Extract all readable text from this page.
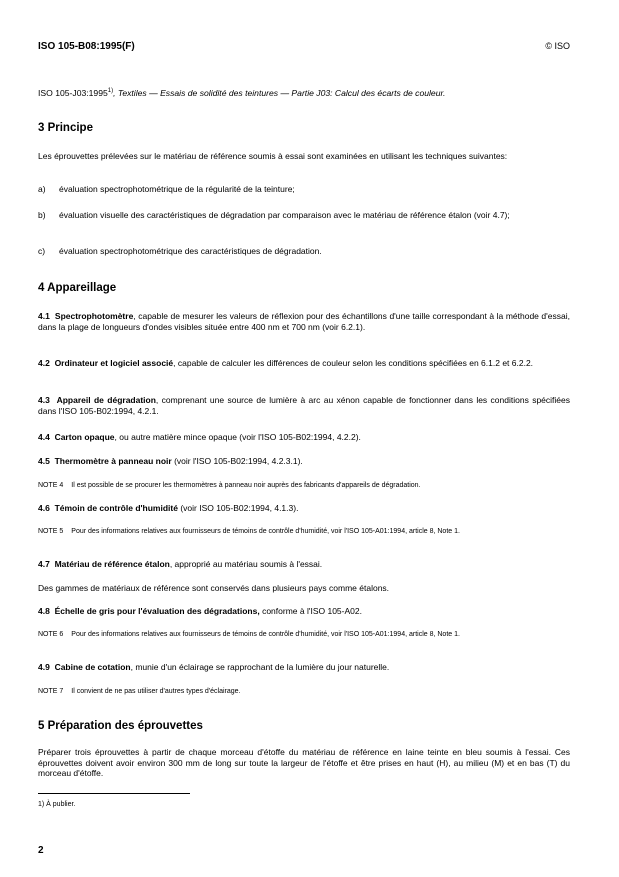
ISO 105-B08:1995(F)	© ISO
ISO 105-J03:1995$^{1)}$, Textiles — Essais de solidité des teintures — Partie J03: Calcul des écarts de couleur.
3 Principe
Les éprouvettes prélevées sur le matériau de référence soumis à essai sont examinées en utilisant les techniques suivantes:
a) évaluation spectrophotométrique de la régularité de la teinture;
b) évaluation visuelle des caractéristiques de dégradation par comparaison avec le matériau de référence étalon (voir 4.7);
c) évaluation spectrophotométrique des caractéristiques de dégradation.
4 Appareillage
4.1 Spectrophotomètre, capable de mesurer les valeurs de réflexion pour des échantillons d'une taille correspondant à la méthode d'essai, dans la plage de longueurs d'ondes visibles située entre 400 nm et 700 nm (voir 6.2.1).
4.2 Ordinateur et logiciel associé, capable de calculer les différences de couleur selon les conditions spécifiées en 6.1.2 et 6.2.2.
4.3 Appareil de dégradation, comprenant une source de lumière à arc au xénon capable de fonctionner dans les conditions spécifiées dans l'ISO 105-B02:1994, 4.2.1.
4.4 Carton opaque, ou autre matière mince opaque (voir l'ISO 105-B02:1994, 4.2.2).
4.5 Thermomètre à panneau noir (voir l'ISO 105-B02:1994, 4.2.3.1).
NOTE 4 Il est possible de se procurer les thermomètres à panneau noir auprès des fabricants d'appareils de dégradation.
4.6 Témoin de contrôle d'humidité (voir ISO 105-B02:1994, 4.1.3).
NOTE 5 Pour des informations relatives aux fournisseurs de témoins de contrôle d'humidité, voir l'ISO 105-A01:1994, article 8, Note 1.
4.7 Matériau de référence étalon, approprié au matériau soumis à l'essai.
Des gammes de matériaux de référence sont conservés dans plusieurs pays comme étalons.
4.8 Échelle de gris pour l'évaluation des dégradations, conforme à l'ISO 105-A02.
NOTE 6 Pour des informations relatives aux fournisseurs de témoins de contrôle d'humidité, voir l'ISO 105-A01:1994, article 8, Note 1.
4.9 Cabine de cotation, munie d'un éclairage se rapprochant de la lumière du jour naturelle.
NOTE 7 Il convient de ne pas utiliser d'autres types d'éclairage.
5 Préparation des éprouvettes
Préparer trois éprouvettes à partir de chaque morceau d'étoffe du matériau de référence en laine teinte en bleu soumis à l'essai. Ces éprouvettes doivent avoir environ 300 mm de long sur toute la largeur de l'étoffe et être prises en haut (H), au milieu (M) et en bas (T) du morceau d'étoffe.
1) À publier.
2
